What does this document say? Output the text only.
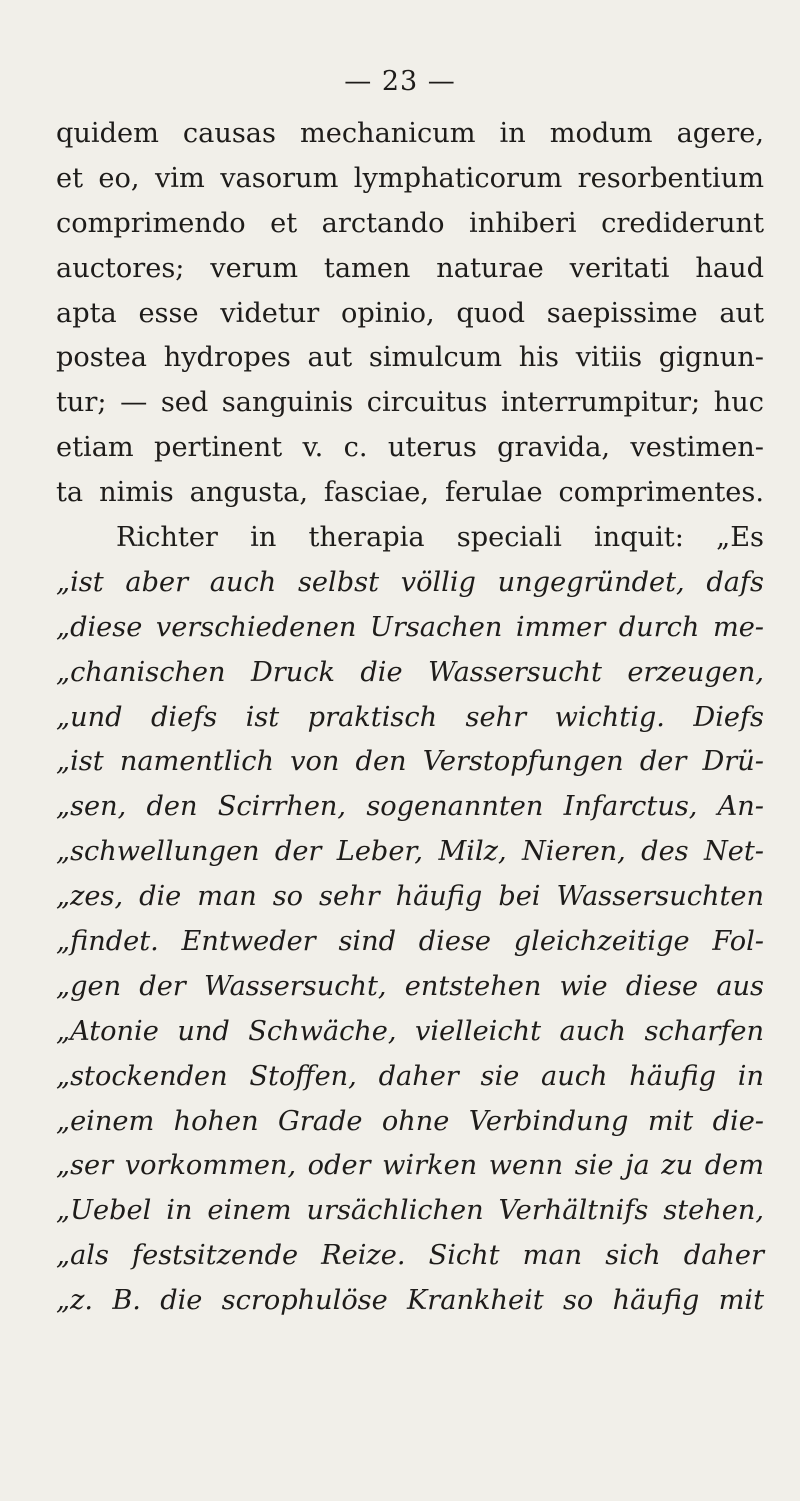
— 23 —
quidem causas mechanicum in modum agere,
et eo, vim vasorum lymphaticorum resorbentium
comprimendo et arctando inhiberi crediderunt
auctores; verum tamen naturae veritati haud
apta esse videtur opinio, quod saepissime aut
postea hydropes aut simulcum his vitiis gignun-
tur; — sed sanguinis circuitus interrumpitur; huc
etiam pertinent v. c. uterus gravida, vestimen-
ta nimis angusta, fasciae, ferulae comprimentes.
Richter in therapia speciali inquit: „Es
„ist aber auch selbst völlig ungegründet, dafs
„diese verschiedenen Ursachen immer durch me-
„chanischen Druck die Wassersucht erzeugen,
„und diefs ist praktisch sehr wichtig. Diefs
„ist namentlich von den Verstopfungen der Drü-
„sen, den Scirrhen, sogenannten Infarctus, An-
„schwellungen der Leber, Milz, Nieren, des Net-
„zes, die man so sehr häufig bei Wassersuchten
„findet. Entweder sind diese gleichzeitige Fol-
„gen der Wassersucht, entstehen wie diese aus
„Atonie und Schwäche, vielleicht auch scharfen
„stockenden Stoffen, daher sie auch häufig in
„einem hohen Grade ohne Verbindung mit die-
„ser vorkommen, oder wirken wenn sie ja zu dem
„Uebel in einem ursächlichen Verhältnifs stehen,
„als festsitzende Reize. Sicht man sich daher
„z. B. die scrophulöse Krankheit so häufig mit
